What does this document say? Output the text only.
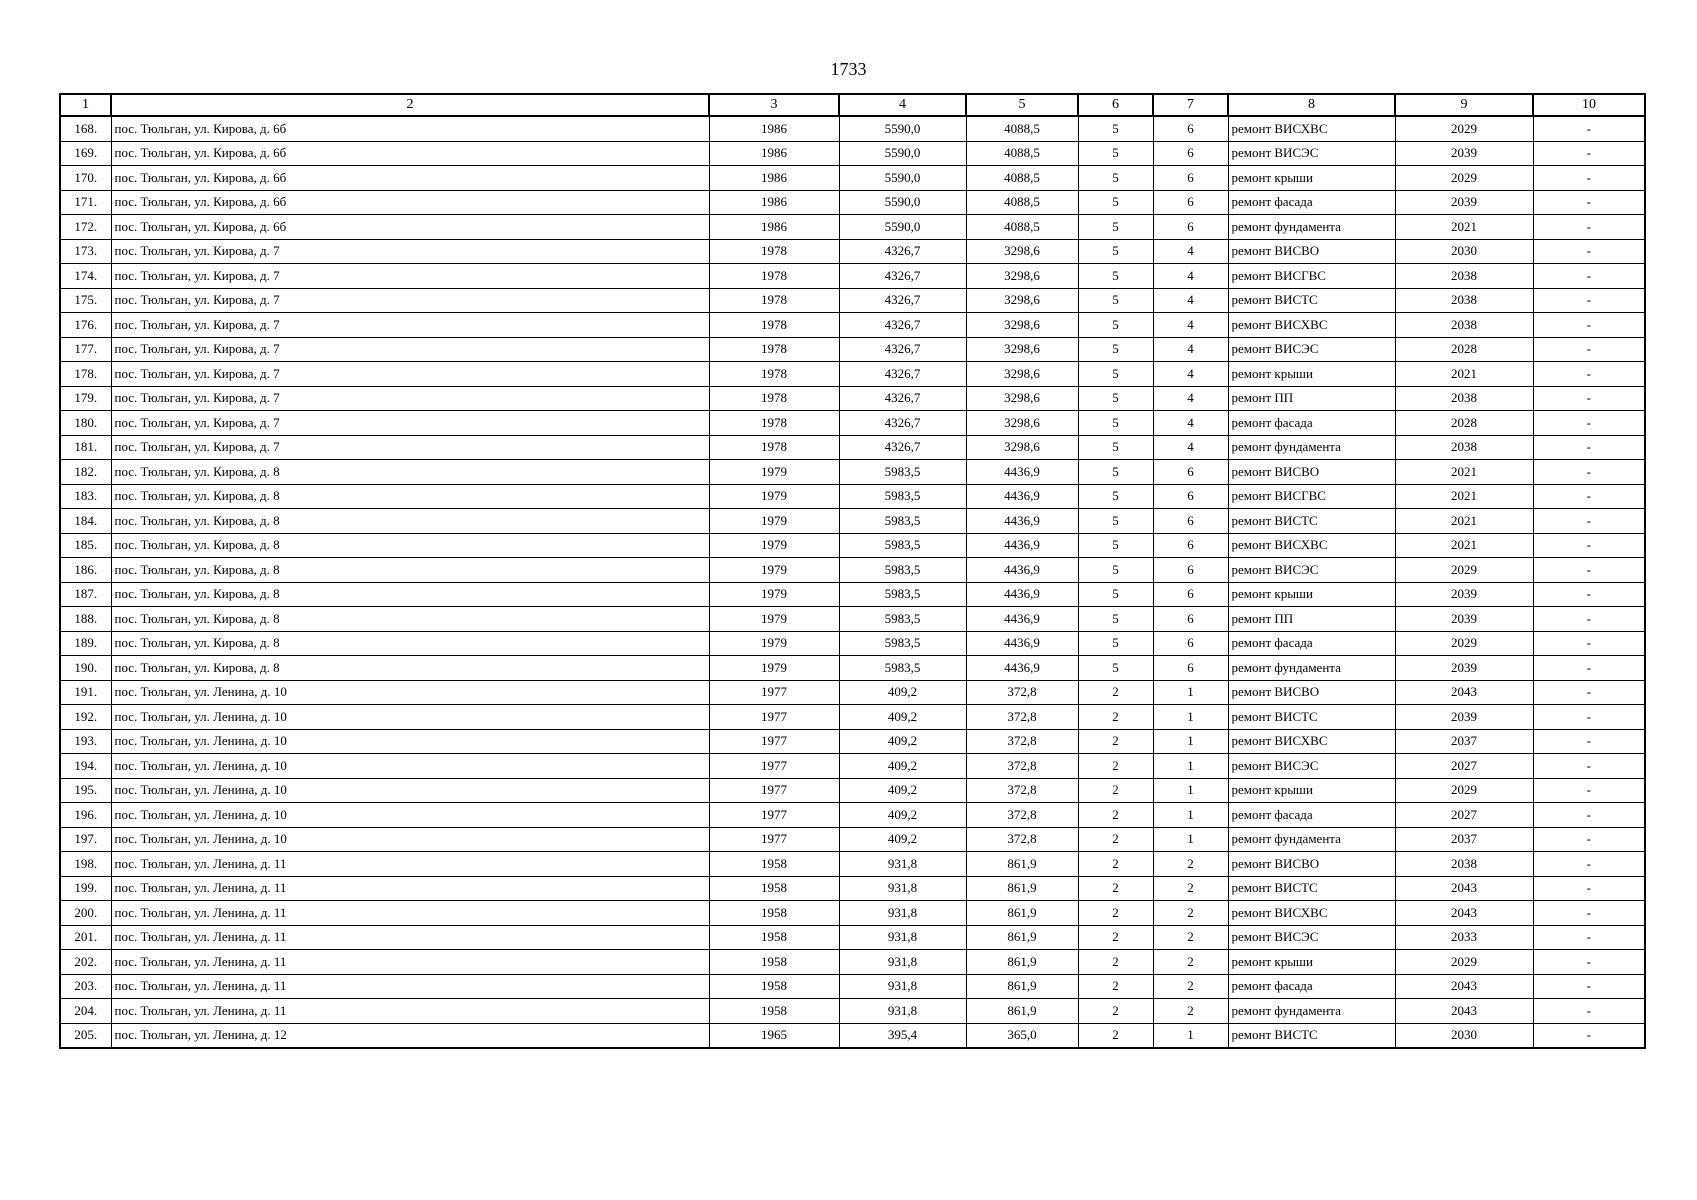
1733
1	2	3	4	5	6	7	8	9	10
168.	пос. Тюльган, ул. Кирова, д. 6б	1986	5590,0	4088,5	5	6	ремонт ВИСХВС	2029	-
169.	пос. Тюльган, ул. Кирова, д. 6б	1986	5590,0	4088,5	5	6	ремонт ВИСЭС	2039	-
170.	пос. Тюльган, ул. Кирова, д. 6б	1986	5590,0	4088,5	5	6	ремонт крыши	2029	-
171.	пос. Тюльган, ул. Кирова, д. 6б	1986	5590,0	4088,5	5	6	ремонт фасада	2039	-
172.	пос. Тюльган, ул. Кирова, д. 6б	1986	5590,0	4088,5	5	6	ремонт фундамента	2021	-
173.	пос. Тюльган, ул. Кирова, д. 7	1978	4326,7	3298,6	5	4	ремонт ВИСВО	2030	-
174.	пос. Тюльган, ул. Кирова, д. 7	1978	4326,7	3298,6	5	4	ремонт ВИСГВС	2038	-
175.	пос. Тюльган, ул. Кирова, д. 7	1978	4326,7	3298,6	5	4	ремонт ВИСТС	2038	-
176.	пос. Тюльган, ул. Кирова, д. 7	1978	4326,7	3298,6	5	4	ремонт ВИСХВС	2038	-
177.	пос. Тюльган, ул. Кирова, д. 7	1978	4326,7	3298,6	5	4	ремонт ВИСЭС	2028	-
178.	пос. Тюльган, ул. Кирова, д. 7	1978	4326,7	3298,6	5	4	ремонт крыши	2021	-
179.	пос. Тюльган, ул. Кирова, д. 7	1978	4326,7	3298,6	5	4	ремонт ПП	2038	-
180.	пос. Тюльган, ул. Кирова, д. 7	1978	4326,7	3298,6	5	4	ремонт фасада	2028	-
181.	пос. Тюльган, ул. Кирова, д. 7	1978	4326,7	3298,6	5	4	ремонт фундамента	2038	-
182.	пос. Тюльган, ул. Кирова, д. 8	1979	5983,5	4436,9	5	6	ремонт ВИСВО	2021	-
183.	пос. Тюльган, ул. Кирова, д. 8	1979	5983,5	4436,9	5	6	ремонт ВИСГВС	2021	-
184.	пос. Тюльган, ул. Кирова, д. 8	1979	5983,5	4436,9	5	6	ремонт ВИСТС	2021	-
185.	пос. Тюльган, ул. Кирова, д. 8	1979	5983,5	4436,9	5	6	ремонт ВИСХВС	2021	-
186.	пос. Тюльган, ул. Кирова, д. 8	1979	5983,5	4436,9	5	6	ремонт ВИСЭС	2029	-
187.	пос. Тюльган, ул. Кирова, д. 8	1979	5983,5	4436,9	5	6	ремонт крыши	2039	-
188.	пос. Тюльган, ул. Кирова, д. 8	1979	5983,5	4436,9	5	6	ремонт ПП	2039	-
189.	пос. Тюльган, ул. Кирова, д. 8	1979	5983,5	4436,9	5	6	ремонт фасада	2029	-
190.	пос. Тюльган, ул. Кирова, д. 8	1979	5983,5	4436,9	5	6	ремонт фундамента	2039	-
191.	пос. Тюльган, ул. Ленина, д. 10	1977	409,2	372,8	2	1	ремонт ВИСВО	2043	-
192.	пос. Тюльган, ул. Ленина, д. 10	1977	409,2	372,8	2	1	ремонт ВИСТС	2039	-
193.	пос. Тюльган, ул. Ленина, д. 10	1977	409,2	372,8	2	1	ремонт ВИСХВС	2037	-
194.	пос. Тюльган, ул. Ленина, д. 10	1977	409,2	372,8	2	1	ремонт ВИСЭС	2027	-
195.	пос. Тюльган, ул. Ленина, д. 10	1977	409,2	372,8	2	1	ремонт крыши	2029	-
196.	пос. Тюльган, ул. Ленина, д. 10	1977	409,2	372,8	2	1	ремонт фасада	2027	-
197.	пос. Тюльган, ул. Ленина, д. 10	1977	409,2	372,8	2	1	ремонт фундамента	2037	-
198.	пос. Тюльган, ул. Ленина, д. 11	1958	931,8	861,9	2	2	ремонт ВИСВО	2038	-
199.	пос. Тюльган, ул. Ленина, д. 11	1958	931,8	861,9	2	2	ремонт ВИСТС	2043	-
200.	пос. Тюльган, ул. Ленина, д. 11	1958	931,8	861,9	2	2	ремонт ВИСХВС	2043	-
201.	пос. Тюльган, ул. Ленина, д. 11	1958	931,8	861,9	2	2	ремонт ВИСЭС	2033	-
202.	пос. Тюльган, ул. Ленина, д. 11	1958	931,8	861,9	2	2	ремонт крыши	2029	-
203.	пос. Тюльган, ул. Ленина, д. 11	1958	931,8	861,9	2	2	ремонт фасада	2043	-
204.	пос. Тюльган, ул. Ленина, д. 11	1958	931,8	861,9	2	2	ремонт фундамента	2043	-
205.	пос. Тюльган, ул. Ленина, д. 12	1965	395,4	365,0	2	1	ремонт ВИСТС	2030	-
